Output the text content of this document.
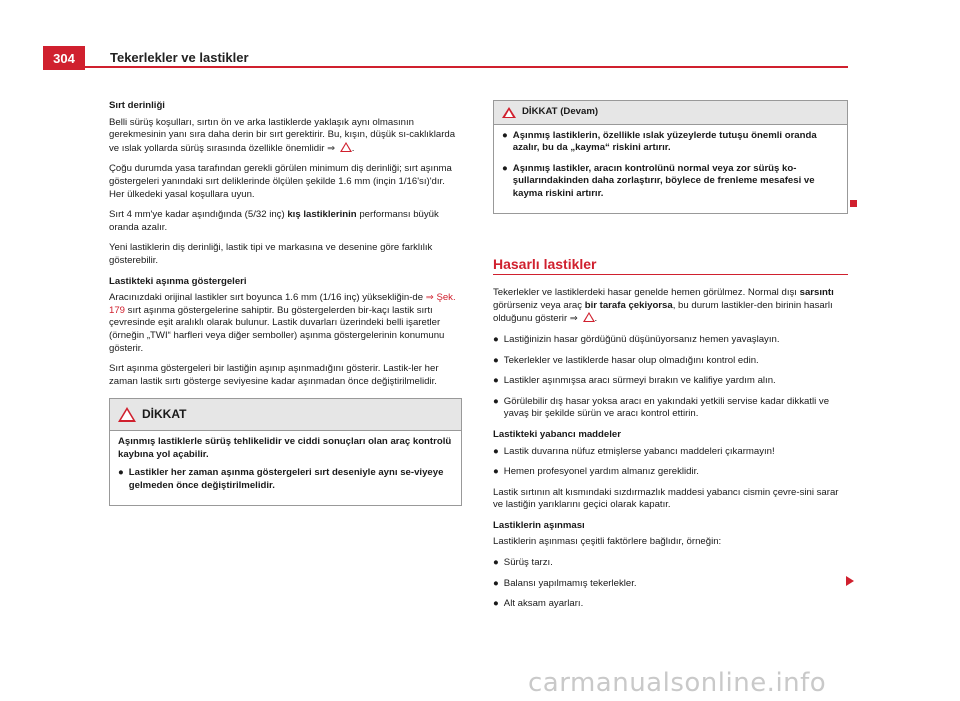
304	Tekerlekler ve lastikler

Sırt derinliği

Belli sürüş koşulları, sırtın ön ve arka lastiklerde yaklaşık aynı olmasının gerekmesinin yanı sıra daha derin bir sırt gerektirir. Bu, kışın, düşük sı-caklıklarda ve ıslak yollarda sürüş sırasında özellikle önemlidir ⇒ .

Çoğu durumda yasa tarafından gerekli görülen minimum diş derinliği; sırt aşınma göstergeleri yanındaki sırt deliklerinde ölçülen şekilde 1.6 mm (inçin 1/16'sı)'dır. Her ülkedeki yasal koşullara uyun.

Sırt 4 mm'ye kadar aşındığında (5/32 inç) kış lastiklerinin performansı büyük oranda azalır.

Yeni lastiklerin diş derinliği, lastik tipi ve markasına ve desenine göre farklılık gösterebilir.

Lastikteki aşınma göstergeleri

Aracınızdaki orijinal lastikler sırt boyunca 1.6 mm (1/16 inç) yüksekliğin-de ⇒ Şek. 179 sırt aşınma göstergelerine sahiptir. Bu göstergelerden bir-kaçı lastik sırtı çevresinde eşit aralıklı olarak bulunur. Lastik duvarları üzerindeki belli işaretler (örneğin „TWI“ harfleri veya diğer semboller) aşınma göstergelerinin konumunu gösterir.

Sırt aşınma göstergeleri bir lastiğin aşınıp aşınmadığını gösterir. Lastik-ler her zaman lastik sırtı gösterge seviyesine kadar aşınmadan önce değiştirilmelidir.

! DİKKAT

Aşınmış lastiklerle sürüş tehlikelidir ve ciddi sonuçları olan araç kontrolü kaybına yol açabilir.

● Lastikler her zaman aşınma göstergeleri sırt deseniyle aynı se-viyeye gelmeden önce değiştirilmelidir.
! DİKKAT (Devam)
● Aşınmış lastiklerin, özellikle ıslak yüzeylerde tutuşu önemli oranda azalır, bu da „kayma“ riskini artırır.
● Aşınmış lastikler, aracın kontrolünü normal veya zor sürüş ko-şullarındakinden daha zorlaştırır, böylece de frenleme mesafesi ve kayma riskini artırır.
Hasarlı lastikler

Tekerlekler ve lastiklerdeki hasar genelde hemen görülmez. Normal dışı sarsıntı görürseniz veya araç bir tarafa çekiyorsa, bu durum lastikler-den birinin hasarlı olduğunu gösterir ⇒ .

● Lastiğinizin hasar gördüğünü düşünüyorsanız hemen yavaşlayın.
● Tekerlekler ve lastiklerde hasar olup olmadığını kontrol edin.
● Lastikler aşınmışsa aracı sürmeyi bırakın ve kalifiye yardım alın.
● Görülebilir dış hasar yoksa aracı en yakındaki yetkili servise kadar dikkatli ve yavaş bir şekilde sürün ve aracı kontrol ettirin.

Lastikteki yabancı maddeler

● Lastik duvarına nüfuz etmişlerse yabancı maddeleri çıkarmayın!
● Hemen profesyonel yardım almanız gereklidir.

Lastik sırtının alt kısmındaki sızdırmazlık maddesi yabancı cismin çevre-sini sarar ve lastiğin yarıklarını geçici olarak kapatır.

Lastiklerin aşınması

Lastiklerin aşınması çeşitli faktörlere bağlıdır, örneğin:

● Sürüş tarzı.
● Balansı yapılmamış tekerlekler.
● Alt aksam ayarları.
carmanualsonline.info
